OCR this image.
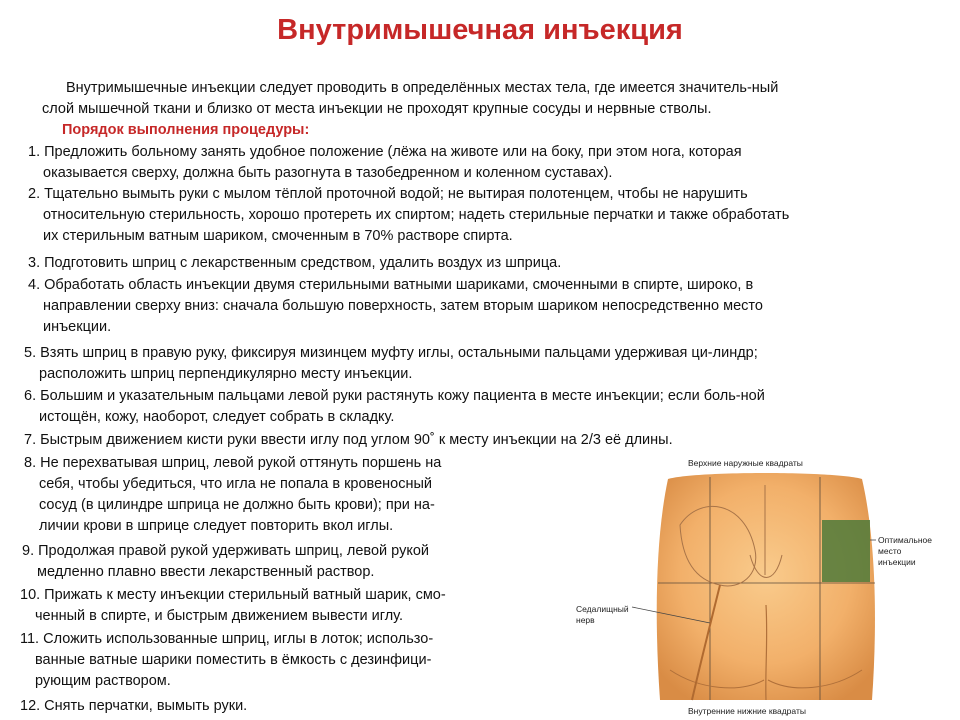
Внутримышечная инъекция
Внутримышечные инъекции следует проводить в определённых местах тела, где имеется значитель-ный
слой мышечной ткани и близко от места инъекции не проходят крупные сосуды и нервные стволы.
Порядок выполнения процедуры:
1. Предложить больному занять удобное положение (лёжа на животе или на боку, при этом нога, которая
оказывается сверху, должна быть разогнута в тазобедренном и коленном суставах).
2. Тщательно вымыть руки с мылом тёплой проточной водой; не вытирая полотенцем, чтобы не нарушить
относительную стерильность, хорошо протереть их спиртом; надеть стерильные перчатки и также обработать
их стерильным ватным шариком, смоченным в 70% растворе спирта.
3. Подготовить шприц с лекарственным средством, удалить воздух из шприца.
4. Обработать область инъекции двумя стерильными ватными шариками, смоченными в спирте, широко, в
направлении сверху вниз: сначала большую поверхность, затем вторым шариком непосредственно место
инъекции.
5. Взять шприц в правую руку, фиксируя мизинцем муфту иглы, остальными пальцами удерживая ци-линдр;
расположить шприц перпендикулярно месту инъекции.
6. Большим и указательным пальцами левой руки растянуть кожу пациента в месте инъекции; если боль-ной
истощён, кожу, наоборот, следует собрать в складку.
7. Быстрым движением кисти руки ввести иглу под углом 90˚ к месту инъекции на 2/3 её длины.
8. Не перехватывая шприц, левой рукой оттянуть поршень на
себя, чтобы убедиться, что игла не попала в кровеносный
сосуд (в цилиндре шприца не должно быть крови); при на-
личии крови в шприце следует повторить вкол иглы.
9. Продолжая правой рукой удерживать шприц, левой рукой
медленно плавно ввести лекарственный раствор.
10. Прижать к месту инъекции стерильный ватный шарик, смо-
ченный в спирте, и быстрым движением вывести иглу.
11. Сложить использованные шприц, иглы в лоток; использо-
ванные ватные шарики поместить в ёмкость с дезинфици-
рующим раствором.
12. Снять перчатки, вымыть руки.
Верхние наружные квадраты
Оптимальное
место
инъекции
Седалищный
нерв
Внутренние нижние квадраты
